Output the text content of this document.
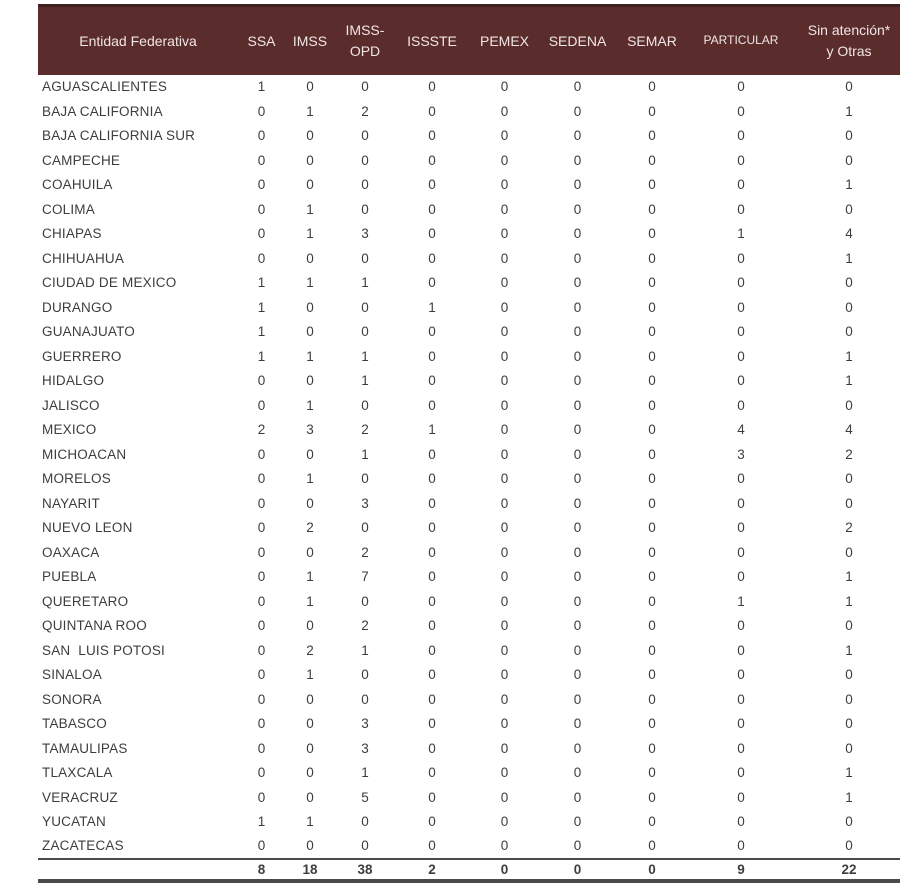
Entidad Federativa	SSA	IMSS	IMSS-OPD	ISSSTE	PEMEX	SEDENA	SEMAR	PARTICULAR	Sin atención* y Otras
AGUASCALIENTES	1	0	0	0	0	0	0	0	0
BAJA CALIFORNIA	0	1	2	0	0	0	0	0	1
BAJA CALIFORNIA SUR	0	0	0	0	0	0	0	0	0
CAMPECHE	0	0	0	0	0	0	0	0	0
COAHUILA	0	0	0	0	0	0	0	0	1
COLIMA	0	1	0	0	0	0	0	0	0
CHIAPAS	0	1	3	0	0	0	0	1	4
CHIHUAHUA	0	0	0	0	0	0	0	0	1
CIUDAD DE MEXICO	1	1	1	0	0	0	0	0	0
DURANGO	1	0	0	1	0	0	0	0	0
GUANAJUATO	1	0	0	0	0	0	0	0	0
GUERRERO	1	1	1	0	0	0	0	0	1
HIDALGO	0	0	1	0	0	0	0	0	1
JALISCO	0	1	0	0	0	0	0	0	0
MEXICO	2	3	2	1	0	0	0	4	4
MICHOACAN	0	0	1	0	0	0	0	3	2
MORELOS	0	1	0	0	0	0	0	0	0
NAYARIT	0	0	3	0	0	0	0	0	0
NUEVO LEON	0	2	0	0	0	0	0	0	2
OAXACA	0	0	2	0	0	0	0	0	0
PUEBLA	0	1	7	0	0	0	0	0	1
QUERETARO	0	1	0	0	0	0	0	1	1
QUINTANA ROO	0	0	2	0	0	0	0	0	0
SAN  LUIS POTOSI	0	2	1	0	0	0	0	0	1
SINALOA	0	1	0	0	0	0	0	0	0
SONORA	0	0	0	0	0	0	0	0	0
TABASCO	0	0	3	0	0	0	0	0	0
TAMAULIPAS	0	0	3	0	0	0	0	0	0
TLAXCALA	0	0	1	0	0	0	0	0	1
VERACRUZ	0	0	5	0	0	0	0	0	1
YUCATAN	1	1	0	0	0	0	0	0	0
ZACATECAS	0	0	0	0	0	0	0	0	0
	8	18	38	2	0	0	0	9	22
